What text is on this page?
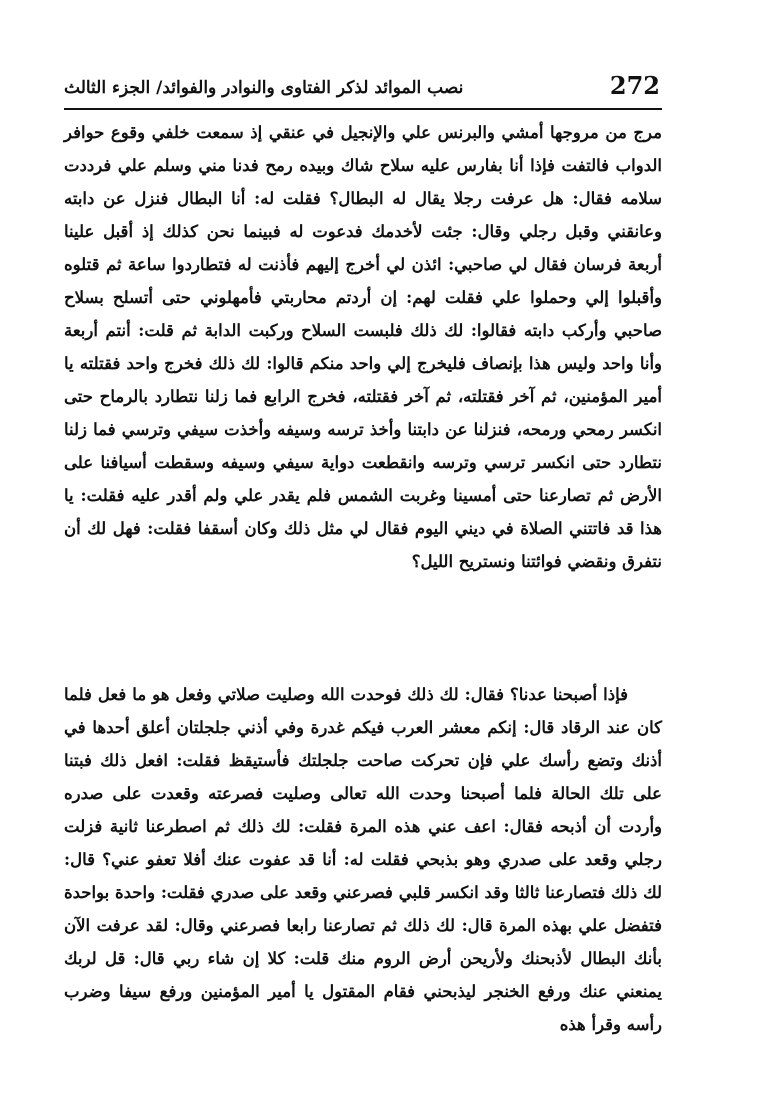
نصب الموائد لذكر الفتاوى والنوادر والفوائد/ الجزء الثالث	272

مرج من مروجها أمشي والبرنس علي والإنجيل في عنقي إذ سمعت خلفي وقوع حوافر الدواب فالتفت فإذا أنا بفارس عليه سلاح شاك وبيده رمح فدنا مني وسلم علي فرددت سلامه فقال: هل عرفت رجلا يقال له البطال؟ فقلت له: أنا البطال فنزل عن دابته وعانقني وقبل رجلي وقال: جئت لأخدمك فدعوت له فبينما نحن كذلك إذ أقبل علينا أربعة فرسان فقال لي صاحبي: ائذن لي أخرج إليهم فأذنت له فتطاردوا ساعة ثم قتلوه وأقبلوا إلي وحملوا علي فقلت لهم: إن أردتم محاربتي فأمهلوني حتى أتسلح بسلاح صاحبي وأركب دابته فقالوا: لك ذلك فلبست السلاح وركبت الدابة ثم قلت: أنتم أربعة وأنا واحد وليس هذا بإنصاف فليخرج إلي واحد منكم قالوا: لك ذلك فخرج واحد فقتلته يا أمير المؤمنين، ثم آخر فقتلته، ثم آخر فقتلته، فخرج الرابع فما زلنا نتطارد بالرماح حتى انكسر رمحي ورمحه، فنزلنا عن دابتنا وأخذ ترسه وسيفه وأخذت سيفي وترسي فما زلنا نتطارد حتى انكسر ترسي وترسه وانقطعت دواية سيفي وسيفه وسقطت أسيافنا على الأرض ثم تصارعنا حتى أمسينا وغربت الشمس فلم يقدر علي ولم أقدر عليه فقلت: يا هذا قد فاتتني الصلاة في ديني اليوم فقال لي مثل ذلك وكان أسقفا فقلت: فهل لك أن نتفرق ونقضي فوائتنا ونستريح الليل؟

فإذا أصبحنا عدنا؟ فقال: لك ذلك فوحدت الله وصليت صلاتي وفعل هو ما فعل فلما كان عند الرقاد قال: إنكم معشر العرب فيكم غدرة وفي أذني جلجلتان أعلق أحدها في أذنك وتضع رأسك علي فإن تحركت صاحت جلجلتك فأستيقظ فقلت: افعل ذلك فبتنا على تلك الحالة فلما أصبحنا وحدت الله تعالى وصليت فصرعته وقعدت على صدره وأردت أن أذبحه فقال: اعف عني هذه المرة فقلت: لك ذلك ثم اصطرعنا ثانية فزلت رجلي وقعد على صدري وهو بذبحي فقلت له: أنا قد عفوت عنك أفلا تعفو عني؟ قال: لك ذلك فتصارعنا ثالثا وقد انكسر قلبي فصرعني وقعد على صدري فقلت: واحدة بواحدة فتفضل علي بهذه المرة قال: لك ذلك ثم تصارعنا رابعا فصرعني وقال: لقد عرفت الآن بأنك البطال لأذبحنك ولأريحن أرض الروم منك قلت: كلا إن شاء ربي قال: قل لربك يمنعني عنك ورفع الخنجر ليذبحني فقام المقتول يا أمير المؤمنين ورفع سيفا وضرب رأسه وقرأ هذه
